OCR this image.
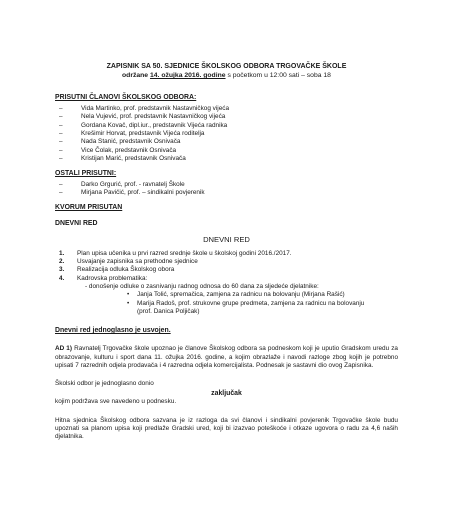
ZAPISNIK SA 50. SJEDNICE ŠKOLSKOG ODBORA TRGOVAČKE ŠKOLE
održane 14. ožujka 2016. godine s početkom u 12:00 sati – soba 18
PRISUTNI ČLANOVI ŠKOLSKOG ODBORA:
–	Vida Martinko, prof. predstavnik Nastavničkog vijeća
–	Nela Vujević, prof. predstavnik Nastavničkog vijeća
–	Gordana Kovač, dipl.iur., predstavnik Vijeća radnika
–	Krešimir Horvat, predstavnik Vijeća roditelja
–	Nada Stanić, predstavnik Osnivača
–	Vice Čolak, predstavnik Osnivača
–	Kristijan Marić, predstavnik Osnivača
OSTALI PRISUTNI:
–	Darko Grgurić, prof. - ravnatelj Škole
–	Mirjana Pavičić, prof. – sindikalni povjerenik
KVORUM PRISUTAN
DNEVNI RED
DNEVNI RED
1. Plan upisa učenika u prvi razred srednje škole u školskoj godini 2016./2017.
2. Usvajanje zapisnika sa prethodne sjednice
3. Realizacija odluka Školskog obora
4. Kadrovska problematika:
- donošenje odluke o zasnivanju radnog odnosa do 60 dana za sljedeće djelatnike:
• Janja Tolić, spremačica, zamjena za radnicu na bolovanju (Mirjana Rašić)
• Marija Radoš, prof. strukovne grupe predmeta, zamjena za radnicu na bolovanju
(prof. Danica Poljičak)
Dnevni red jednoglasno je usvojen.
AD 1) Ravnatelj Trgovačke škole upoznao je članove Školskog odbora sa podneskom koji je uputio Gradskom uredu za obrazovanje, kulturu i sport dana 11. ožujka 2016. godine, a kojim obrazlaže i navodi razloge zbog kojih je potrebno upisati 7 razrednih odjela prodavača i 4 razredna odjela komercijalista. Podnesak je sastavni dio ovog Zapisnika.
Školski odbor je jednoglasno donio
zaključak
kojim podržava sve navedeno u podnesku.
Hitna sjednica Školskog odbora sazvana je iz razloga da svi članovi i sindikalni povjerenik Trgovačke škole budu upoznati sa planom upisa koji predlaže Gradski ured, koji bi izazvao poteškoće i otkaze ugovora o radu za 4,6 naših djelatnika.
